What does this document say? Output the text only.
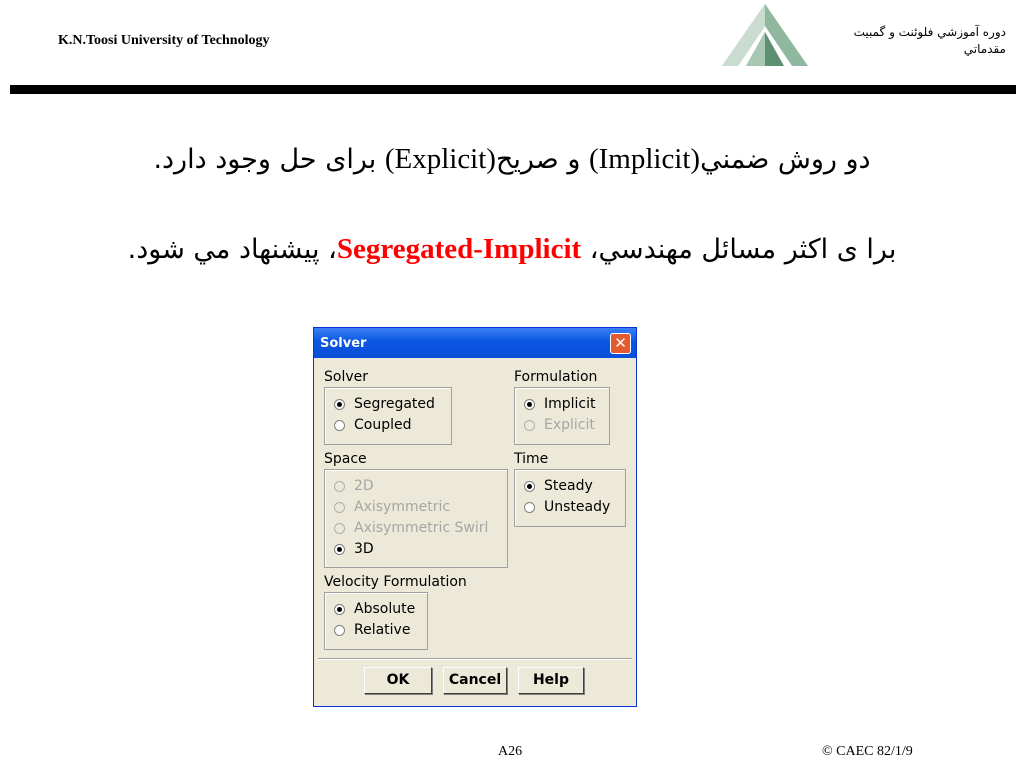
K.N.Toosi University of Technology
دوره آموزشي فلوئنت و گمبيت
مقدماتي
دو روش ضمني(Implicit) و صريح(Explicit) برای حل وجود دارد.
برا ی اکثر مسائل مهندسي، Segregated-Implicit، پيشنهاد مي شود.
Solver	✕
Solver
Segregated
Coupled
Formulation
Implicit
Explicit
Space
2D
Axisymmetric
Axisymmetric Swirl
3D
Time
Steady
Unsteady
Velocity Formulation
Absolute
Relative
OK	Cancel	Help
A26	© CAEC 82/1/9
